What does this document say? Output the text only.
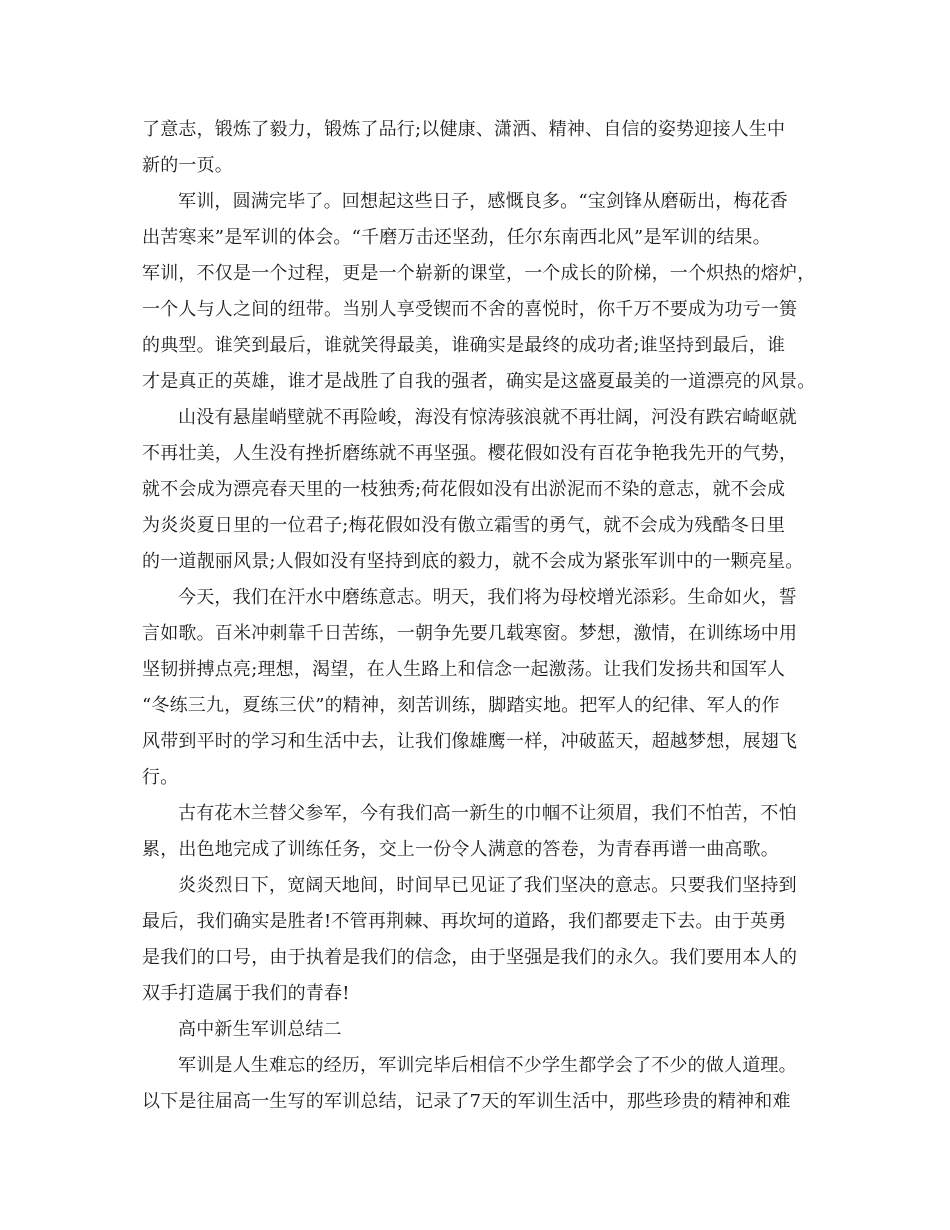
了意志，锻炼了毅力，锻炼了品行;以健康、潇洒、精神、自信的姿势迎接人生中
新的一页。
军训，圆满完毕了。回想起这些日子，感慨良多。“宝剑锋从磨砺出，梅花香
出苦寒来”是军训的体会。“千磨万击还坚劲，任尔东南西北风”是军训的结果。
军训，不仅是一个过程，更是一个崭新的课堂，一个成长的阶梯，一个炽热的熔炉，
一个人与人之间的纽带。当别人享受锲而不舍的喜悦时，你千万不要成为功亏一篑
的典型。谁笑到最后，谁就笑得最美，谁确实是最终的成功者;谁坚持到最后，谁
才是真正的英雄，谁才是战胜了自我的强者，确实是这盛夏最美的一道漂亮的风景。
山没有悬崖峭壁就不再险峻，海没有惊涛骇浪就不再壮阔，河没有跌宕崎岖就
不再壮美，人生没有挫折磨练就不再坚强。樱花假如没有百花争艳我先开的气势，
就不会成为漂亮春天里的一枝独秀;荷花假如没有出淤泥而不染的意志，就不会成
为炎炎夏日里的一位君子;梅花假如没有傲立霜雪的勇气，就不会成为残酷冬日里
的一道靓丽风景;人假如没有坚持到底的毅力，就不会成为紧张军训中的一颗亮星。
今天，我们在汗水中磨练意志。明天，我们将为母校增光添彩。生命如火，誓
言如歌。百米冲刺靠千日苦练，一朝争先要几载寒窗。梦想，激情，在训练场中用
坚韧拼搏点亮;理想，渴望，在人生路上和信念一起激荡。让我们发扬共和国军人
“冬练三九，夏练三伏”的精神，刻苦训练，脚踏实地。把军人的纪律、军人的作
风带到平时的学习和生活中去，让我们像雄鹰一样，冲破蓝天，超越梦想，展翅飞
行。
古有花木兰替父参军，今有我们高一新生的巾帼不让须眉，我们不怕苦，不怕
累，出色地完成了训练任务，交上一份令人满意的答卷，为青春再谱一曲高歌。
炎炎烈日下，宽阔天地间，时间早已见证了我们坚决的意志。只要我们坚持到
最后，我们确实是胜者!不管再荆棘、再坎坷的道路，我们都要走下去。由于英勇
是我们的口号，由于执着是我们的信念，由于坚强是我们的永久。我们要用本人的
双手打造属于我们的青春!
高中新生军训总结二
军训是人生难忘的经历，军训完毕后相信不少学生都学会了不少的做人道理。
以下是往届高一生写的军训总结，记录了7天的军训生活中，那些珍贵的精神和难
